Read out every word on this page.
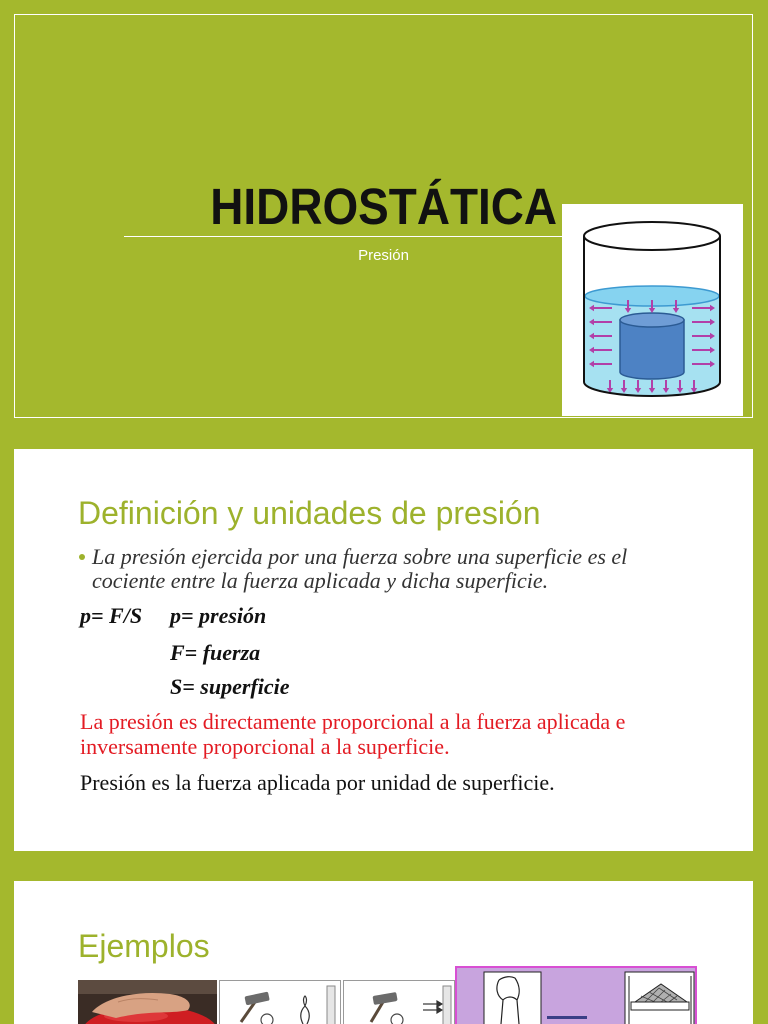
HIDROSTÁTICA
Presión
Definición y unidades de presión
La presión ejercida por una fuerza sobre una superficie es el
cociente entre la fuerza aplicada y dicha superficie.
p= F/S p= presión
F= fuerza
S= superficie
La presión es directamente proporcional a la fuerza aplicada e
inversamente proporcional a la superficie.
Presión es la fuerza aplicada por unidad de superficie.
Ejemplos
